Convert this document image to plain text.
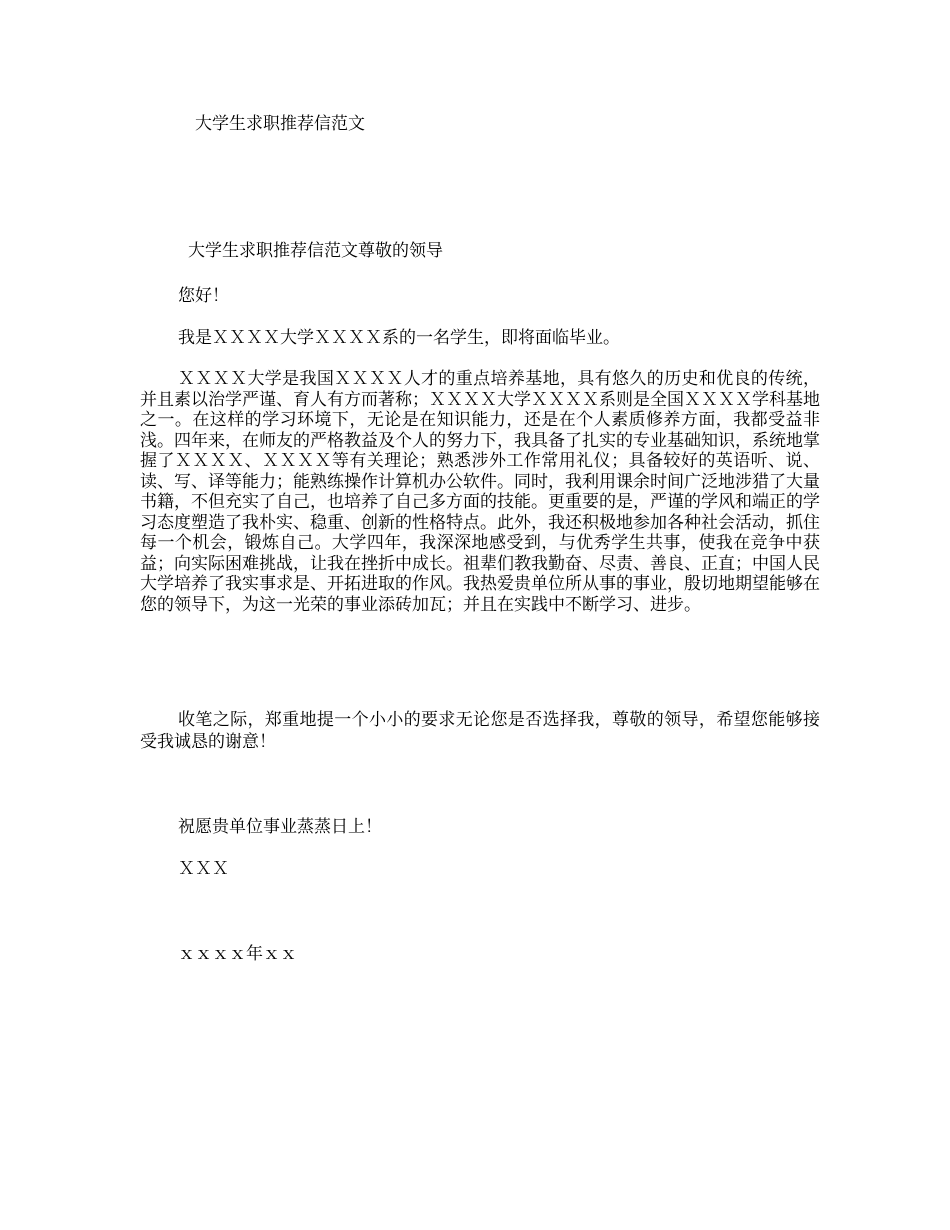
大学生求职推荐信范文
大学生求职推荐信范文尊敬的领导
您好！
我是ＸＸＸＸ大学ＸＸＸＸ系的一名学生，即将面临毕业。
ＸＸＸＸ大学是我国ＸＸＸＸ人才的重点培养基地，具有悠久的历史和优良的传统，并且素以治学严谨、育人有方而著称；ＸＸＸＸ大学ＸＸＸＸ系则是全国ＸＸＸＸ学科基地之一。在这样的学习环境下，无论是在知识能力，还是在个人素质修养方面，我都受益非浅。四年来，在师友的严格教益及个人的努力下，我具备了扎实的专业基础知识，系统地掌握了ＸＸＸＸ、ＸＸＸＸ等有关理论；熟悉涉外工作常用礼仪；具备较好的英语听、说、读、写、译等能力；能熟练操作计算机办公软件。同时，我利用课余时间广泛地涉猎了大量书籍，不但充实了自己，也培养了自己多方面的技能。更重要的是，严谨的学风和端正的学习态度塑造了我朴实、稳重、创新的性格特点。此外，我还积极地参加各种社会活动，抓住每一个机会，锻炼自己。大学四年，我深深地感受到，与优秀学生共事，使我在竞争中获益；向实际困难挑战，让我在挫折中成长。祖辈们教我勤奋、尽责、善良、正直；中国人民大学培养了我实事求是、开拓进取的作风。我热爱贵单位所从事的事业，殷切地期望能够在您的领导下，为这一光荣的事业添砖加瓦；并且在实践中不断学习、进步。
收笔之际，郑重地提一个小小的要求无论您是否选择我，尊敬的领导，希望您能够接受我诚恳的谢意！
祝愿贵单位事业蒸蒸日上！
ＸＸＸ
ｘｘｘｘ年ｘｘ
